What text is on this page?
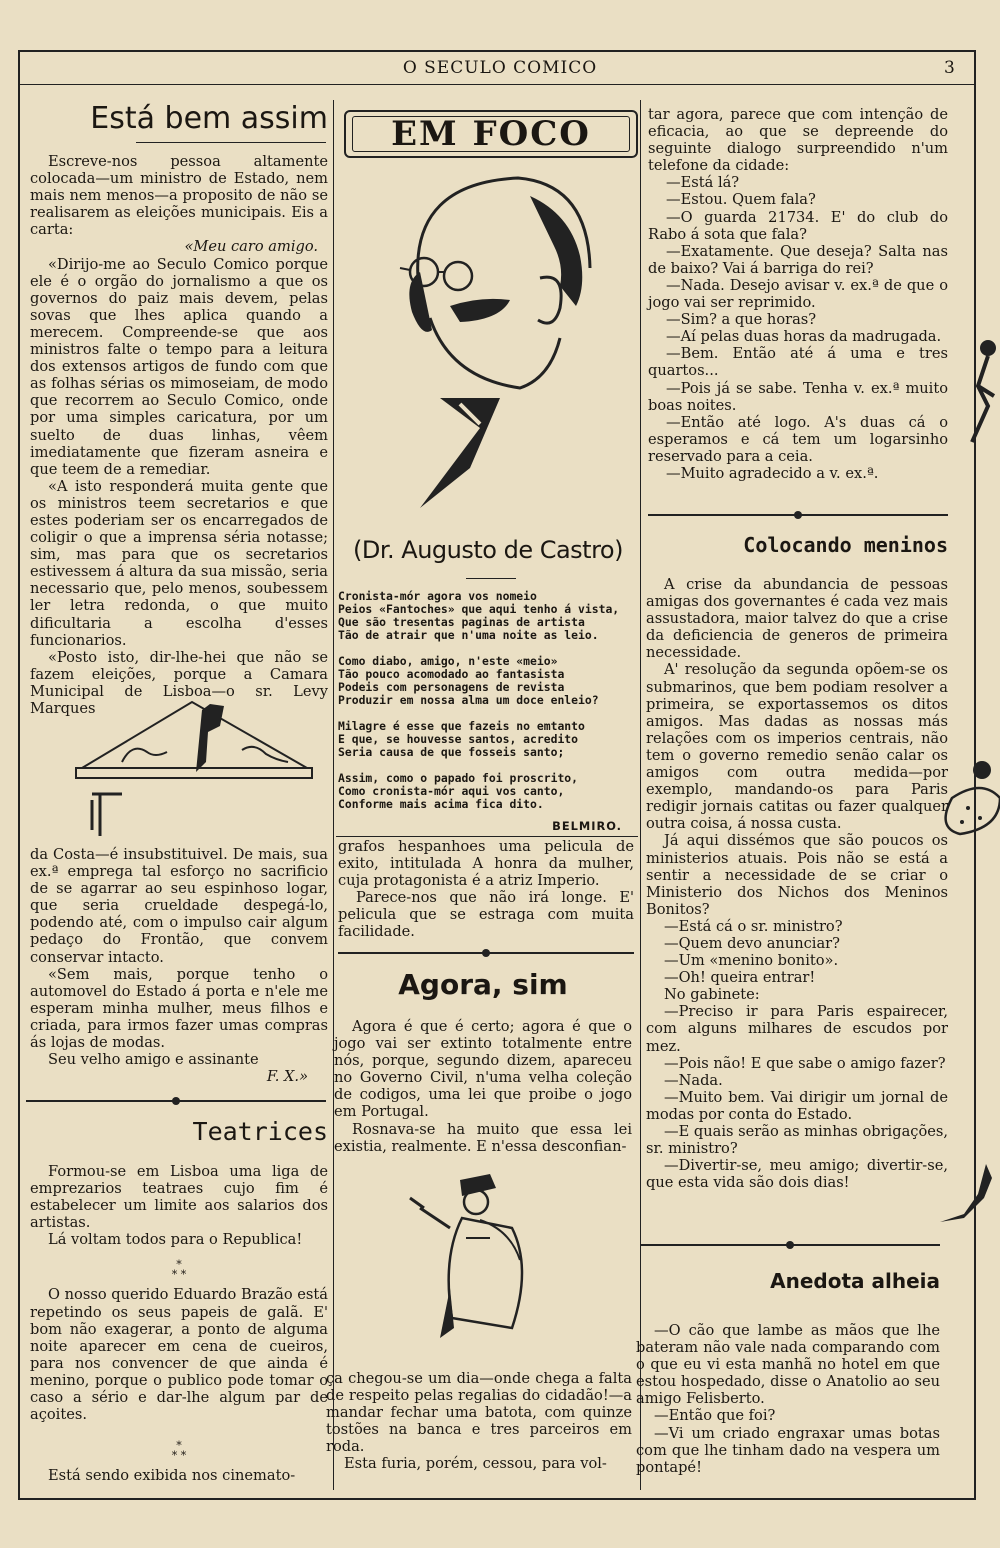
O SECULO COMICO	3
Está bem assim

Escreve-nos pessoa altamente colocada—um ministro de Estado, nem mais nem menos—a proposito de não se realisarem as eleições municipais. Eis a carta:

«Meu caro amigo.

«Dirijo-me ao Seculo Comico porque ele é o orgão do jornalismo a que os governos do paiz mais devem, pelas sovas que lhes aplica quando a merecem. Compreende-se que aos ministros falte o tempo para a leitura dos extensos artigos de fundo com que as folhas sérias os mimoseiam, de modo que recorrem ao Seculo Comico, onde por uma simples caricatura, por um suelto de duas linhas, vêem imediatamente que fizeram asneira e que teem de a remediar.

«A isto responderá muita gente que os ministros teem secretarios e que estes poderiam ser os encarregados de coligir o que a imprensa séria notasse; sim, mas para que os secretarios estivessem á altura da sua missão, seria necessario que, pelo menos, soubessem ler letra redonda, o que muito dificultaria a escolha d'esses funcionarios.

«Posto isto, dir-lhe-hei que não se fazem eleições, porque a Camara Municipal de Lisboa—o sr. Levy Marques

da Costa—é insubstituivel. De mais, sua ex.ª emprega tal esforço no sacrificio de se agarrar ao seu espinhoso logar, que seria crueldade despegá-lo, podendo até, com o impulso cair algum pedaço do Frontão, que convem conservar intacto.

«Sem mais, porque tenho o automovel do Estado á porta e n'ele me esperam minha mulher, meus filhos e criada, para irmos fazer umas compras ás lojas de modas.

Seu velho amigo e assinante

F. X.»

Teatrices

Formou-se em Lisboa uma liga de emprezarios teatraes cujo fim é estabelecer um limite aos salarios dos artistas.

Lá voltam todos para o Republica!

*
* *

O nosso querido Eduardo Brazão está repetindo os seus papeis de galã. E' bom não exagerar, a ponto de alguma noite aparecer em cena de cueiros, para nos convencer de que ainda é menino, porque o publico pode tomar o caso a sério e dar-lhe algum par de açoites.

*
* *

Está sendo exibida nos cinemato-

EM FOCO
(Dr. Augusto de Castro)

Cronista-mór agora vos nomeio
Peios «Fantoches» que aqui tenho á vista,
Que são tresentas paginas de artista
Tão de atrair que n'uma noite as leio.

Como diabo, amigo, n'este «meio»
Tão pouco acomodado ao fantasista
Podeis com personagens de revista
Produzir em nossa alma um doce enleio?

Milagre é esse que fazeis no emtanto
E que, se houvesse santos, acredito
Seria causa de que fosseis santo;

Assim, como o papado foi proscrito,
Como cronista-mór aqui vos canto,
Conforme mais acima fica dito.

BELMIRO.

grafos hespanhoes uma pelicula de exito, intitulada A honra da mulher, cuja protagonista é a atriz Imperio.

Parece-nos que não irá longe. E' pelicula que se estraga com muita facilidade.

Agora, sim

Agora é que é certo; agora é que o jogo vai ser extinto totalmente entre nós, porque, segundo dizem, apareceu no Governo Civil, n'uma velha coleção de codigos, uma lei que proibe o jogo em Portugal.

Rosnava-se ha muito que essa lei existia, realmente. E n'essa desconfian-

ça chegou-se um dia—onde chega a falta de respeito pelas regalias do cidadão!—a mandar fechar uma batota, com quinze tostões na banca e tres parceiros em roda.

Esta furia, porém, cessou, para vol-

tar agora, parece que com intenção de eficacia, ao que se depreende do seguinte dialogo surpreendido n'um telefone da cidade:

—Está lá?

—Estou. Quem fala?

—O guarda 21734. E' do club do Rabo á sota que fala?

—Exatamente. Que deseja? Salta nas de baixo? Vai á barriga do rei?

—Nada. Desejo avisar v. ex.ª de que o jogo vai ser reprimido.

—Sim? a que horas?

—Aí pelas duas horas da madrugada.

—Bem. Então até á uma e tres quartos...

—Pois já se sabe. Tenha v. ex.ª muito boas noites.

—Então até logo. A's duas cá o esperamos e cá tem um logarsinho reservado para a ceia.

—Muito agradecido a v. ex.ª.

Colocando meninos

A crise da abundancia de pessoas amigas dos governantes é cada vez mais assustadora, maior talvez do que a crise da deficiencia de generos de primeira necessidade.

A' resolução da segunda opõem-se os submarinos, que bem podiam resolver a primeira, se exportassemos os ditos amigos. Mas dadas as nossas más relações com os imperios centrais, não tem o governo remedio senão calar os amigos com outra medida—por exemplo, mandando-os para Paris redigir jornais catitas ou fazer qualquer outra coisa, á nossa custa.

Já aqui dissémos que são poucos os ministerios atuais. Pois não se está a sentir a necessidade de se criar o Ministerio dos Nichos dos Meninos Bonitos?

—Está cá o sr. ministro?

—Quem devo anunciar?

—Um «menino bonito».

—Oh! queira entrar!

No gabinete:

—Preciso ir para Paris espairecer, com alguns milhares de escudos por mez.

—Pois não! E que sabe o amigo fazer?

—Nada.

—Muito bem. Vai dirigir um jornal de modas por conta do Estado.

—E quais serão as minhas obrigações, sr. ministro?

—Divertir-se, meu amigo; divertir-se, que esta vida são dois dias!

Anedota alheia

—O cão que lambe as mãos que lhe bateram não vale nada comparando com o que eu vi esta manhã no hotel em que estou hospedado, disse o Anatolio ao seu amigo Felisberto.

—Então que foi?

—Vi um criado engraxar umas botas com que lhe tinham dado na vespera um pontapé!
